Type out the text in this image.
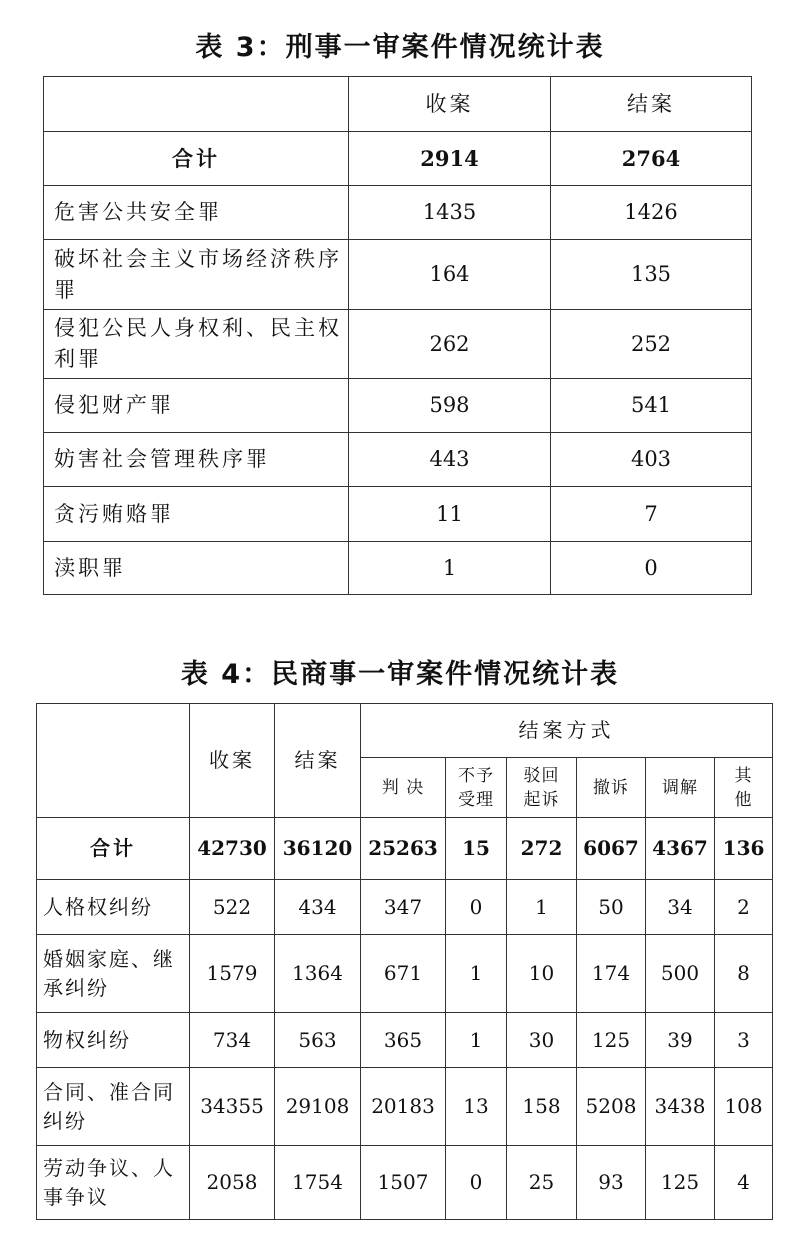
表 3：刑事一审案件情况统计表
	收案	结案
合计	2914	2764
危害公共安全罪	1435	1426
破坏社会主义市场经济秩序罪	164	135
侵犯公民人身权利、民主权利罪	262	252
侵犯财产罪	598	541
妨害社会管理秩序罪	443	403
贪污贿赂罪	11	7
渎职罪	1	0
表 4：民商事一审案件情况统计表
	收案	结案	结案方式					
			判 决	不予受理	驳回起诉	撤诉	调解	其他
合计	42730	36120	25263	15	272	6067	4367	136
人格权纠纷	522	434	347	0	1	50	34	2
婚姻家庭、继承纠纷	1579	1364	671	1	10	174	500	8
物权纠纷	734	563	365	1	30	125	39	3
合同、准合同纠纷	34355	29108	20183	13	158	5208	3438	108
劳动争议、人事争议	2058	1754	1507	0	25	93	125	4
